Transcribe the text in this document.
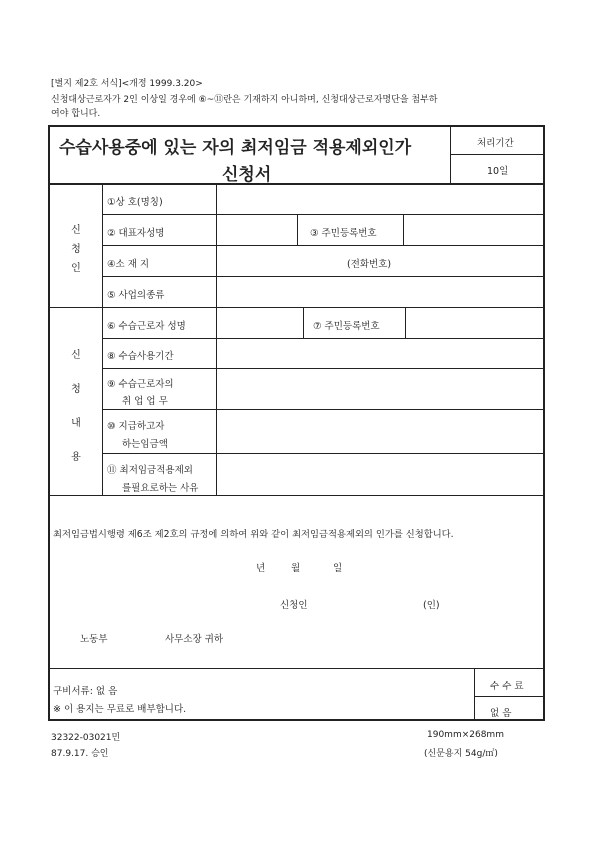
[별지 제2호 서식]<개정 1999.3.20>
신청대상근로자가 2인 이상일 경우에 ⑥~⑪란은 기재하지 아니하며, 신청대상근로자명단을 첨부하
여야 합니다.
수습사용중에 있는 자의 최저임금 적용제외인가
신청서
처리기간
10일
신
청
인
①상 호(명칭)
② 대표자성명	③ 주민등록번호
④소 재 지	(전화번호)
⑤ 사업의종류
신
청
내
용
⑥ 수습근로자 성명	⑦ 주민등록번호
⑧ 수습사용기간
⑨ 수습근로자의
취 업 업 무
⑩ 지급하고자
하는임금액
⑪ 최저임금적용제외
를필요로하는 사유
최저임금법시행령 제6조 제2호의 규정에 의하여 위와 같이 최저임금적용제외의 인가를 신청합니다.
년	월	일
신청인	(인)
노동부	사무소장 귀하
구비서류: 없 음
※ 이 용지는 무료로 배부합니다.
수 수 료
없 음
32322-03021민
87.9.17. 승인
190mm×268mm
(신문용지 54g/㎡)
